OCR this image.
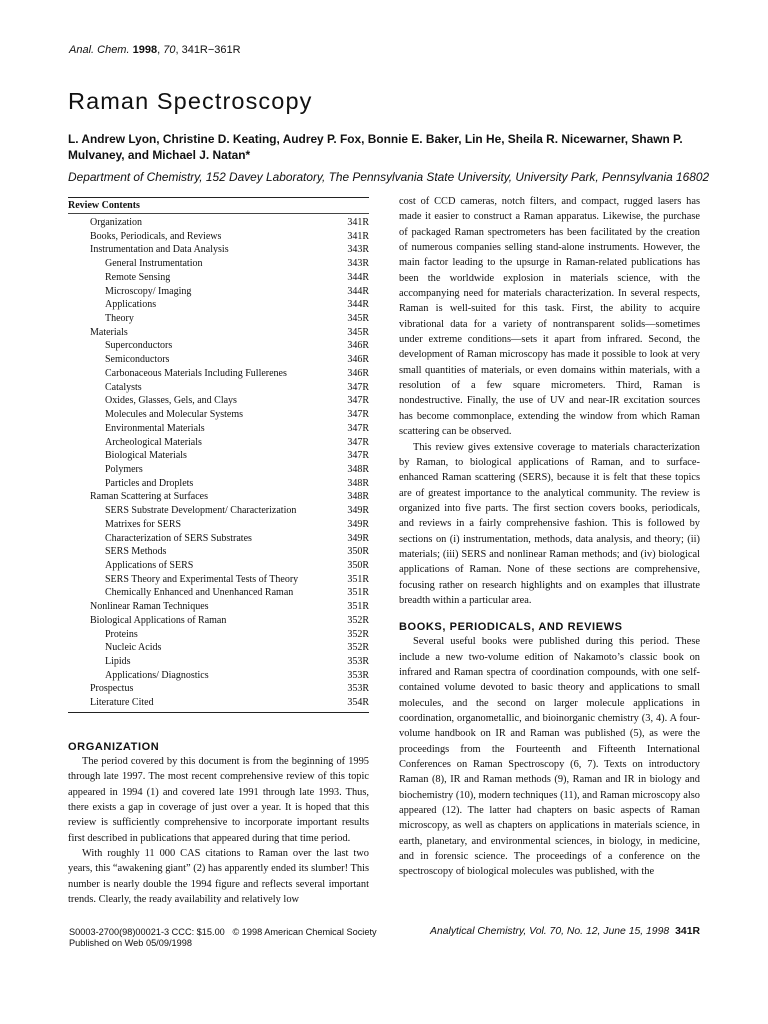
Anal. Chem. 1998, 70, 341R−361R
Raman Spectroscopy
L. Andrew Lyon, Christine D. Keating, Audrey P. Fox, Bonnie E. Baker, Lin He, Sheila R. Nicewarner, Shawn P. Mulvaney, and Michael J. Natan*
Department of Chemistry, 152 Davey Laboratory, The Pennsylvania State University, University Park, Pennsylvania 16802
Review Contents
Organization	341R
Books, Periodicals, and Reviews	341R
Instrumentation and Data Analysis	343R
General Instrumentation	343R
Remote Sensing	344R
Microscopy/ Imaging	344R
Applications	344R
Theory	345R
Materials	345R
Superconductors	346R
Semiconductors	346R
Carbonaceous Materials Including Fullerenes	346R
Catalysts	347R
Oxides, Glasses, Gels, and Clays	347R
Molecules and Molecular Systems	347R
Environmental Materials	347R
Archeological Materials	347R
Biological Materials	347R
Polymers	348R
Particles and Droplets	348R
Raman Scattering at Surfaces	348R
SERS Substrate Development/ Characterization	349R
Matrixes for SERS	349R
Characterization of SERS Substrates	349R
SERS Methods	350R
Applications of SERS	350R
SERS Theory and Experimental Tests of Theory	351R
Chemically Enhanced and Unenhanced Raman	351R
Nonlinear Raman Techniques	351R
Biological Applications of Raman	352R
Proteins	352R
Nucleic Acids	352R
Lipids	353R
Applications/ Diagnostics	353R
Prospectus	353R
Literature Cited	354R
ORGANIZATION

The period covered by this document is from the beginning of 1995 through late 1997. The most recent comprehensive review of this topic appeared in 1994 (1) and covered late 1991 through late 1993. Thus, there exists a gap in coverage of just over a year. It is hoped that this review is sufficiently comprehensive to incorporate important results first described in publications that appeared during that time period.

With roughly 11 000 CAS citations to Raman over the last two years, this “awakening giant” (2) has apparently ended its slumber! This number is nearly double the 1994 figure and reflects several important trends. Clearly, the ready availability and relatively low

cost of CCD cameras, notch filters, and compact, rugged lasers has made it easier to construct a Raman apparatus. Likewise, the purchase of packaged Raman spectrometers has been facilitated by the creation of numerous companies selling stand-alone instruments. However, the main factor leading to the upsurge in Raman-related publications has been the worldwide explosion in materials science, with the accompanying need for materials characterization. In several respects, Raman is well-suited for this task. First, the ability to acquire vibrational data for a variety of nontransparent solids—sometimes under extreme conditions—sets it apart from infrared. Second, the development of Raman microscopy has made it possible to look at very small quantities of materials, or even domains within materials, with a resolution of a few square micrometers. Third, Raman is nondestructive. Finally, the use of UV and near-IR excitation sources has become commonplace, extending the window from which Raman scattering can be observed.

This review gives extensive coverage to materials characterization by Raman, to biological applications of Raman, and to surface-enhanced Raman scattering (SERS), because it is felt that these topics are of greatest importance to the analytical community. The review is organized into five parts. The first section covers books, periodicals, and reviews in a fairly comprehensive fashion. This is followed by sections on (i) instrumentation, methods, data analysis, and theory; (ii) materials; (iii) SERS and nonlinear Raman methods; and (iv) biological applications of Raman. None of these sections are comprehensive, focusing rather on research highlights and on examples that illustrate breadth within a particular area.

BOOKS, PERIODICALS, AND REVIEWS

Several useful books were published during this period. These include a new two-volume edition of Nakamoto’s classic book on infrared and Raman spectra of coordination compounds, with one self-contained volume devoted to basic theory and applications to small molecules, and the second on larger molecule applications in coordination, organometallic, and bioinorganic chemistry (3, 4). A four-volume handbook on IR and Raman was published (5), as were the proceedings from the Fourteenth and Fifteenth International Conferences on Raman Spectroscopy (6, 7). Texts on introductory Raman (8), IR and Raman methods (9), Raman and IR in biology and biochemistry (10), modern techniques (11), and Raman microscopy also appeared (12). The latter had chapters on basic aspects of Raman microscopy, as well as chapters on applications in materials science, in earth, planetary, and environmental sciences, in biology, in medicine, and in forensic science. The proceedings of a conference on the spectroscopy of biological molecules was published, with the

S0003-2700(98)00021-3 CCC: $15.00 © 1998 American Chemical Society
Published on Web 05/09/1998
Analytical Chemistry, Vol. 70, No. 12, June 15, 1998 341R
